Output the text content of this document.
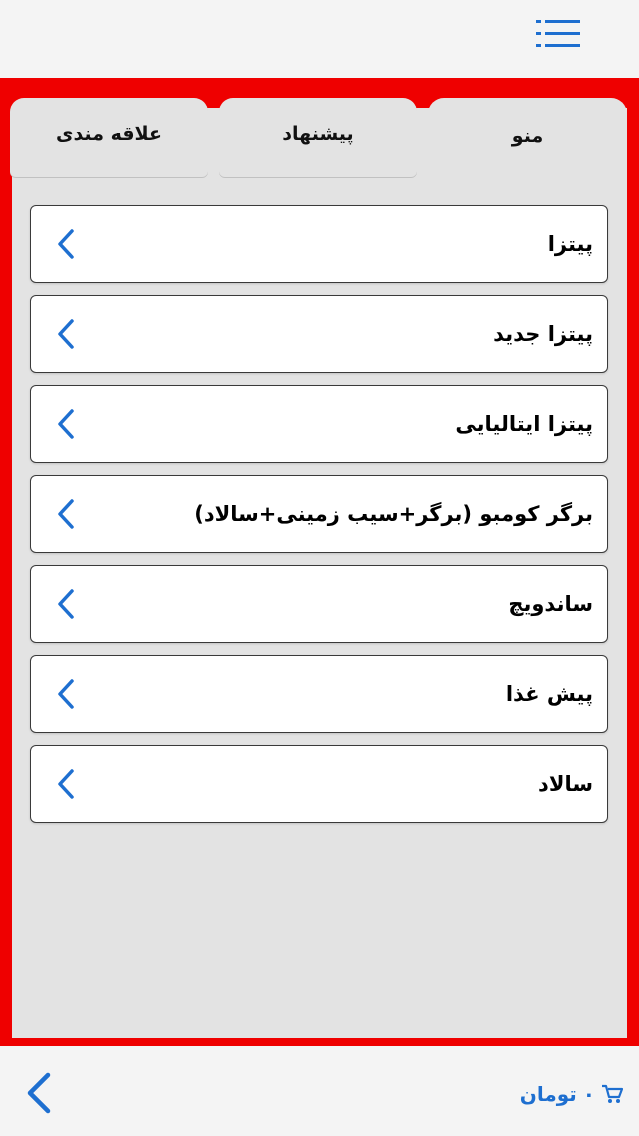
علاقه مندی	پیشنهاد	منو
پیتزا
پیتزا جدید
پیتزا ایتالیایی
برگر کومبو (برگر+سیب زمینی+سالاد)
ساندویچ
پیش غذا
سالاد
۰
تومان
